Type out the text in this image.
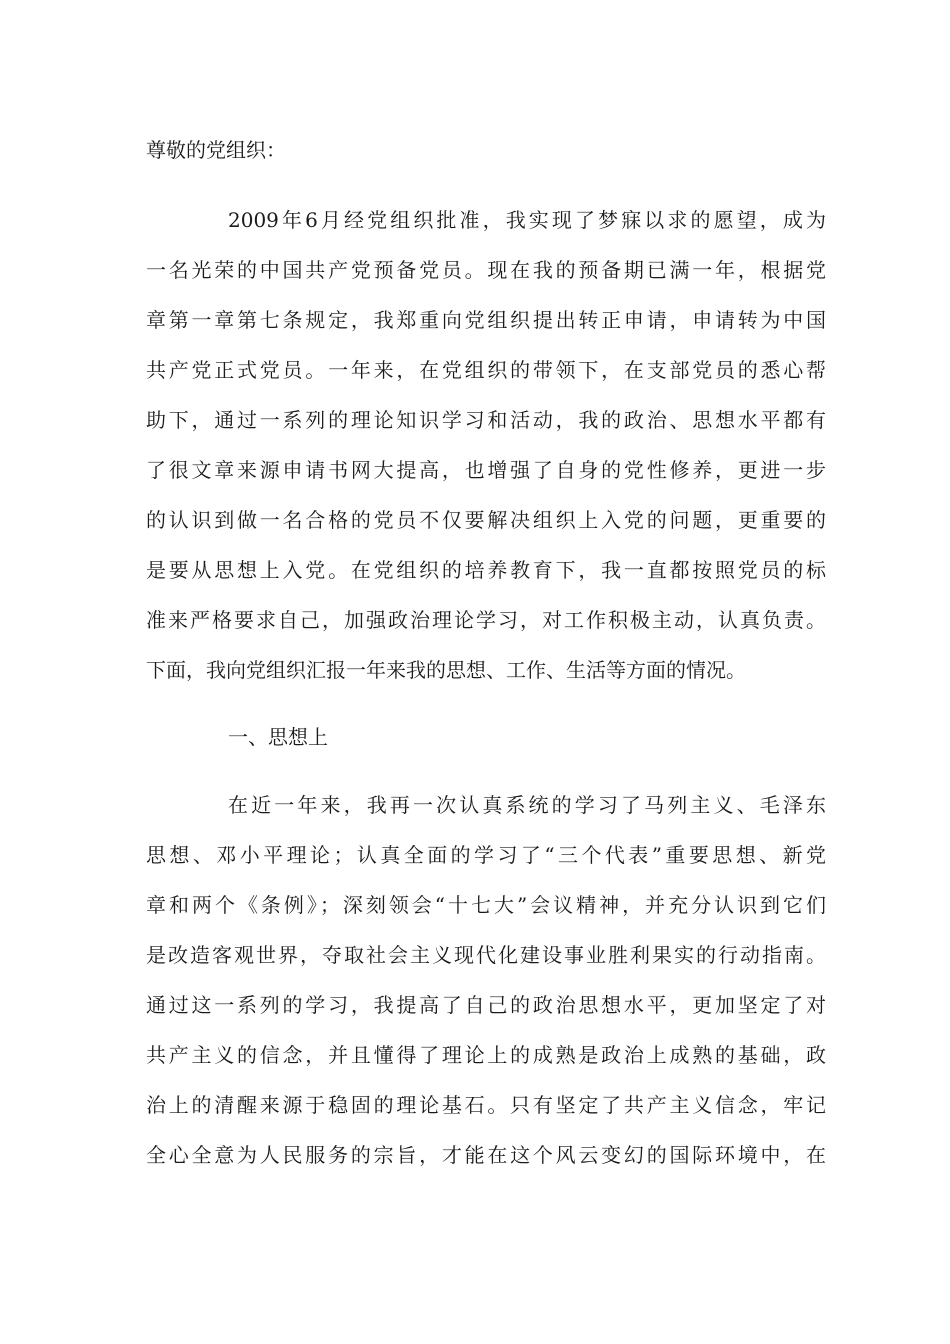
尊敬的党组织：
2009年6月经党组织批准，我实现了梦寐以求的愿望，成为
一名光荣的中国共产党预备党员。现在我的预备期已满一年，根据党
章第一章第七条规定，我郑重向党组织提出转正申请，申请转为中国
共产党正式党员。一年来，在党组织的带领下，在支部党员的悉心帮
助下，通过一系列的理论知识学习和活动，我的政治、思想水平都有
了很文章来源申请书网大提高，也增强了自身的党性修养，更进一步
的认识到做一名合格的党员不仅要解决组织上入党的问题，更重要的
是要从思想上入党。在党组织的培养教育下，我一直都按照党员的标
准来严格要求自己，加强政治理论学习，对工作积极主动，认真负责。
下面，我向党组织汇报一年来我的思想、工作、生活等方面的情况。
一、思想上
在近一年来，我再一次认真系统的学习了马列主义、毛泽东
思想、邓小平理论；认真全面的学习了“三个代表”重要思想、新党
章和两个《条例》；深刻领会“十七大”会议精神，并充分认识到它们
是改造客观世界，夺取社会主义现代化建设事业胜利果实的行动指南。
通过这一系列的学习，我提高了自己的政治思想水平，更加坚定了对
共产主义的信念，并且懂得了理论上的成熟是政治上成熟的基础，政
治上的清醒来源于稳固的理论基石。只有坚定了共产主义信念，牢记
全心全意为人民服务的宗旨，才能在这个风云变幻的国际环境中，在
